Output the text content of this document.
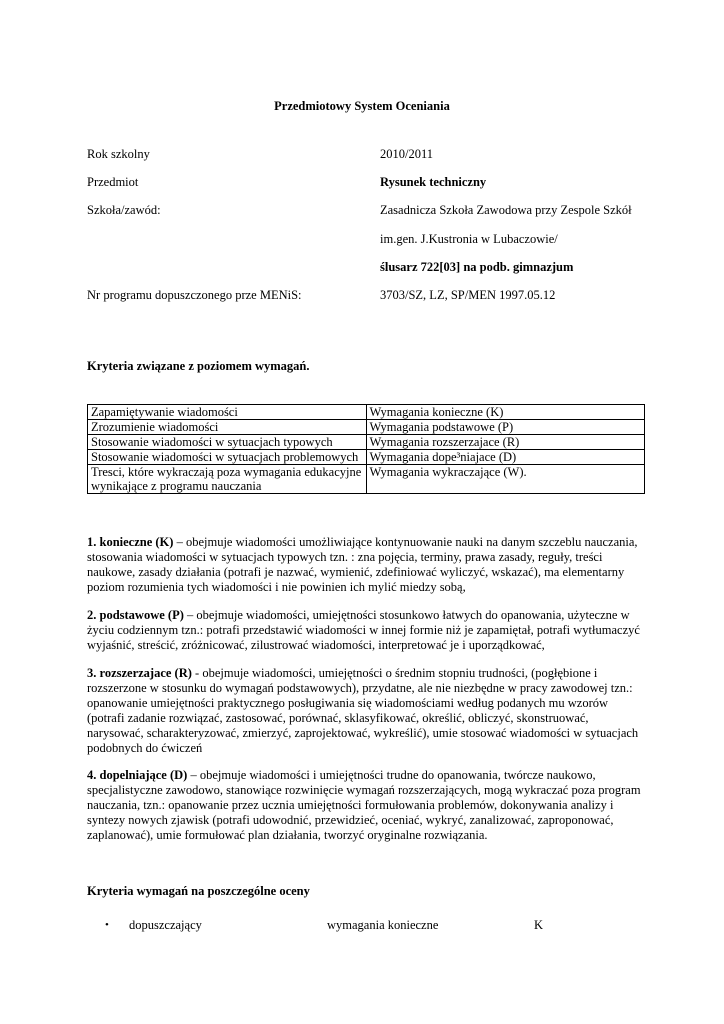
Przedmiotowy System Oceniania
Rok szkolny	2010/2011
Przedmiot	Rysunek techniczny
Szkoła/zawód:	Zasadnicza Szkoła Zawodowa przy Zespole Szkół
im.gen. J.Kustronia w Lubaczowie/
ślusarz 722[03] na podb. gimnazjum
Nr programu dopuszczonego prze MENiS:	3703/SZ, LZ, SP/MEN 1997.05.12
Kryteria związane z poziomem wymagań.
Zapamiętywanie wiadomości	Wymagania konieczne (K)
Zrozumienie wiadomości	Wymagania podstawowe (P)
Stosowanie wiadomości w sytuacjach typowych	Wymagania rozszerzajace (R)
Stosowanie wiadomości w sytuacjach problemowych	Wymagania dope³niajace (D)
Tresci, które wykraczają poza wymagania edukacyjne wynikające z programu nauczania	Wymagania wykraczające (W).

1. konieczne (K) – obejmuje wiadomości umożliwiające kontynuowanie nauki na danym szczeblu nauczania, stosowania wiadomości w sytuacjach typowych tzn. : zna pojęcia, terminy, prawa zasady, reguły, treści naukowe, zasady działania (potrafi je nazwać, wymienić, zdefiniować wyliczyć, wskazać), ma elementarny poziom rozumienia tych wiadomości i nie powinien ich mylić miedzy sobą,

2. podstawowe (P) – obejmuje wiadomości, umiejętności stosunkowo łatwych do opanowania, użyteczne w życiu codziennym tzn.: potrafi przedstawić wiadomości w innej formie niż je zapamiętał, potrafi wytłumaczyć wyjaśnić, streścić, zróżnicować, zilustrować wiadomości, interpretować je i uporządkować,

3. rozszerzajace (R) - obejmuje wiadomości, umiejętności o średnim stopniu trudności, (pogłębione i rozszerzone w stosunku do wymagań podstawowych), przydatne, ale nie niezbędne w pracy zawodowej tzn.: opanowanie umiejętności praktycznego posługiwania się wiadomościami według podanych mu wzorów (potrafi zadanie rozwiązać, zastosować, porównać, sklasyfikować, określić, obliczyć, skonstruować, narysować, scharakteryzować, zmierzyć, zaprojektować, wykreślić), umie stosować wiadomości w sytuacjach podobnych do ćwiczeń

4. dopelniające (D) – obejmuje wiadomości i umiejętności trudne do opanowania, twórcze naukowo, specjalistyczne zawodowo, stanowiące rozwinięcie wymagań rozszerzających, mogą wykraczać poza program nauczania, tzn.: opanowanie przez ucznia umiejętności formułowania problemów, dokonywania analizy i syntezy nowych zjawisk (potrafi udowodnić, przewidzieć, oceniać, wykryć, zanalizować, zaproponować, zaplanować), umie formułować plan działania, tworzyć oryginalne rozwiązania.

Kryteria wymagań na poszczególne oceny
• dopuszczający	wymagania konieczne	K
